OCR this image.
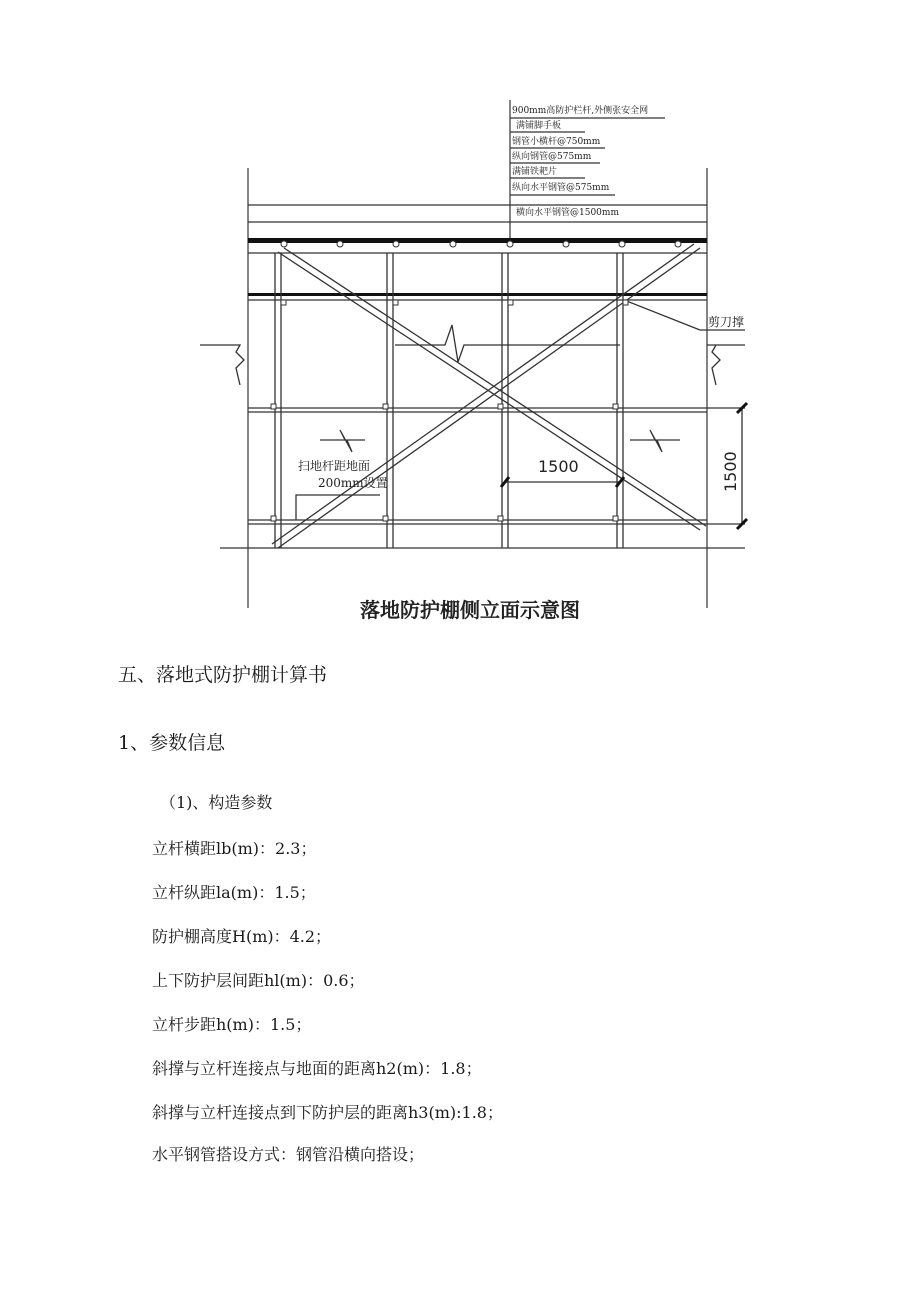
900mm高防护栏杆,外侧张安全网
满铺脚手板
钢管小横杆@750mm
纵向钢管@575mm
满铺铁耙片
纵向水平钢管@575mm
横向水平钢管@1500mm
剪刀撑
扫地杆距地面
200mm设置
1500	1500
落地防护棚侧立面示意图
五、落地式防护棚计算书
1、参数信息
（1)、构造参数
立杆横距lb(m)：2.3；
立杆纵距la(m)：1.5；
防护棚高度H(m)：4.2；
上下防护层间距hl(m)：0.6；
立杆步距h(m)：1.5；
斜撑与立杆连接点与地面的距离h2(m)：1.8；
斜撑与立杆连接点到下防护层的距离h3(m):1.8；
水平钢管搭设方式：钢管沿横向搭设；
